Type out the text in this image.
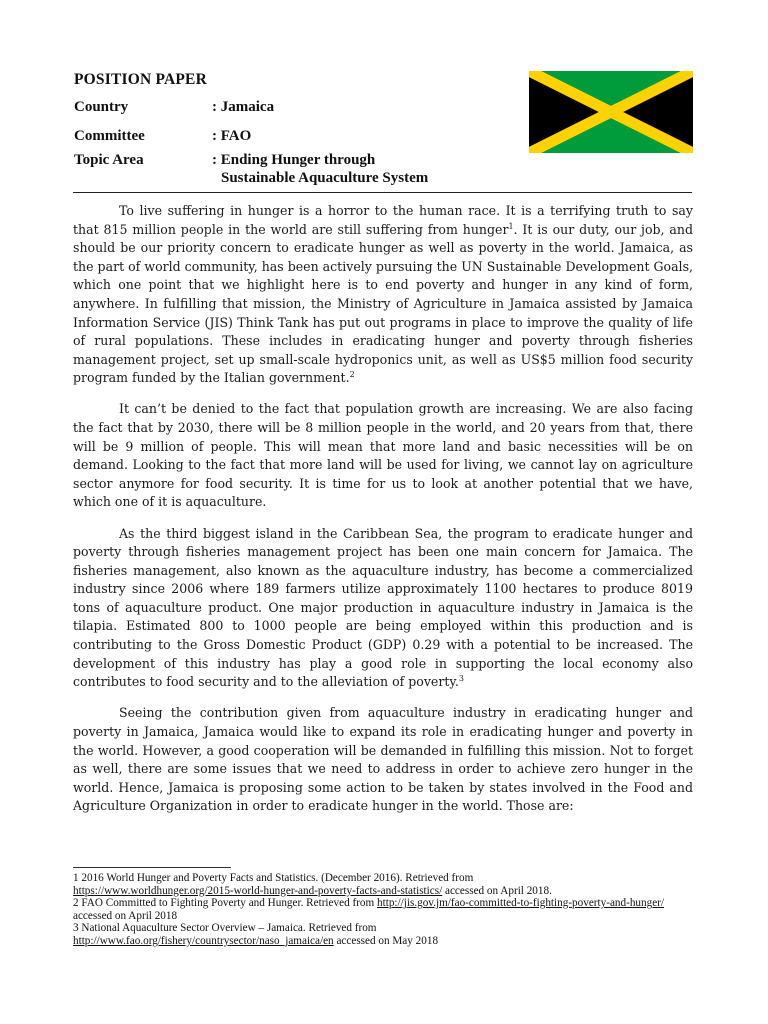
POSITION PAPER
Country	: Jamaica
Committee	: FAO
Topic Area	: Ending Hunger through
Sustainable Aquaculture System

To live suffering in hunger is a horror to the human race. It is a terrifying truth to say that 815 million people in the world are still suffering from hunger$^1$. It is our duty, our job, and should be our priority concern to eradicate hunger as well as poverty in the world. Jamaica, as the part of world community, has been actively pursuing the UN Sustainable Development Goals, which one point that we highlight here is to end poverty and hunger in any kind of form, anywhere. In fulfilling that mission, the Ministry of Agriculture in Jamaica assisted by Jamaica Information Service (JIS) Think Tank has put out programs in place to improve the quality of life of rural populations. These includes in eradicating hunger and poverty through fisheries management project, set up small-scale hydroponics unit, as well as US$5 million food security program funded by the Italian government.$^2$

It can’t be denied to the fact that population growth are increasing. We are also facing the fact that by 2030, there will be 8 million people in the world, and 20 years from that, there will be 9 million of people. This will mean that more land and basic necessities will be on demand. Looking to the fact that more land will be used for living, we cannot lay on agriculture sector anymore for food security. It is time for us to look at another potential that we have, which one of it is aquaculture.

As the third biggest island in the Caribbean Sea, the program to eradicate hunger and poverty through fisheries management project has been one main concern for Jamaica. The fisheries management, also known as the aquaculture industry, has become a commercialized industry since 2006 where 189 farmers utilize approximately 1100 hectares to produce 8019 tons of aquaculture product. One major production in aquaculture industry in Jamaica is the tilapia. Estimated 800 to 1000 people are being employed within this production and is contributing to the Gross Domestic Product (GDP) 0.29 with a potential to be increased. The development of this industry has play a good role in supporting the local economy also contributes to food security and to the alleviation of poverty.$^3$

Seeing the contribution given from aquaculture industry in eradicating hunger and poverty in Jamaica, Jamaica would like to expand its role in eradicating hunger and poverty in the world. However, a good cooperation will be demanded in fulfilling this mission. Not to forget as well, there are some issues that we need to address in order to achieve zero hunger in the world. Hence, Jamaica is proposing some action to be taken by states involved in the Food and Agriculture Organization in order to eradicate hunger in the world. Those are:

1 2016 World Hunger and Poverty Facts and Statistics. (December 2016). Retrieved from
https://www.worldhunger.org/2015-world-hunger-and-poverty-facts-and-statistics/ accessed on April 2018.
2 FAO Committed to Fighting Poverty and Hunger. Retrieved from http://jis.gov.jm/fao-committed-to-fighting-poverty-and-hunger/ accessed on April 2018
3 National Aquaculture Sector Overview – Jamaica. Retrieved from
http://www.fao.org/fishery/countrysector/naso_jamaica/en accessed on May 2018
